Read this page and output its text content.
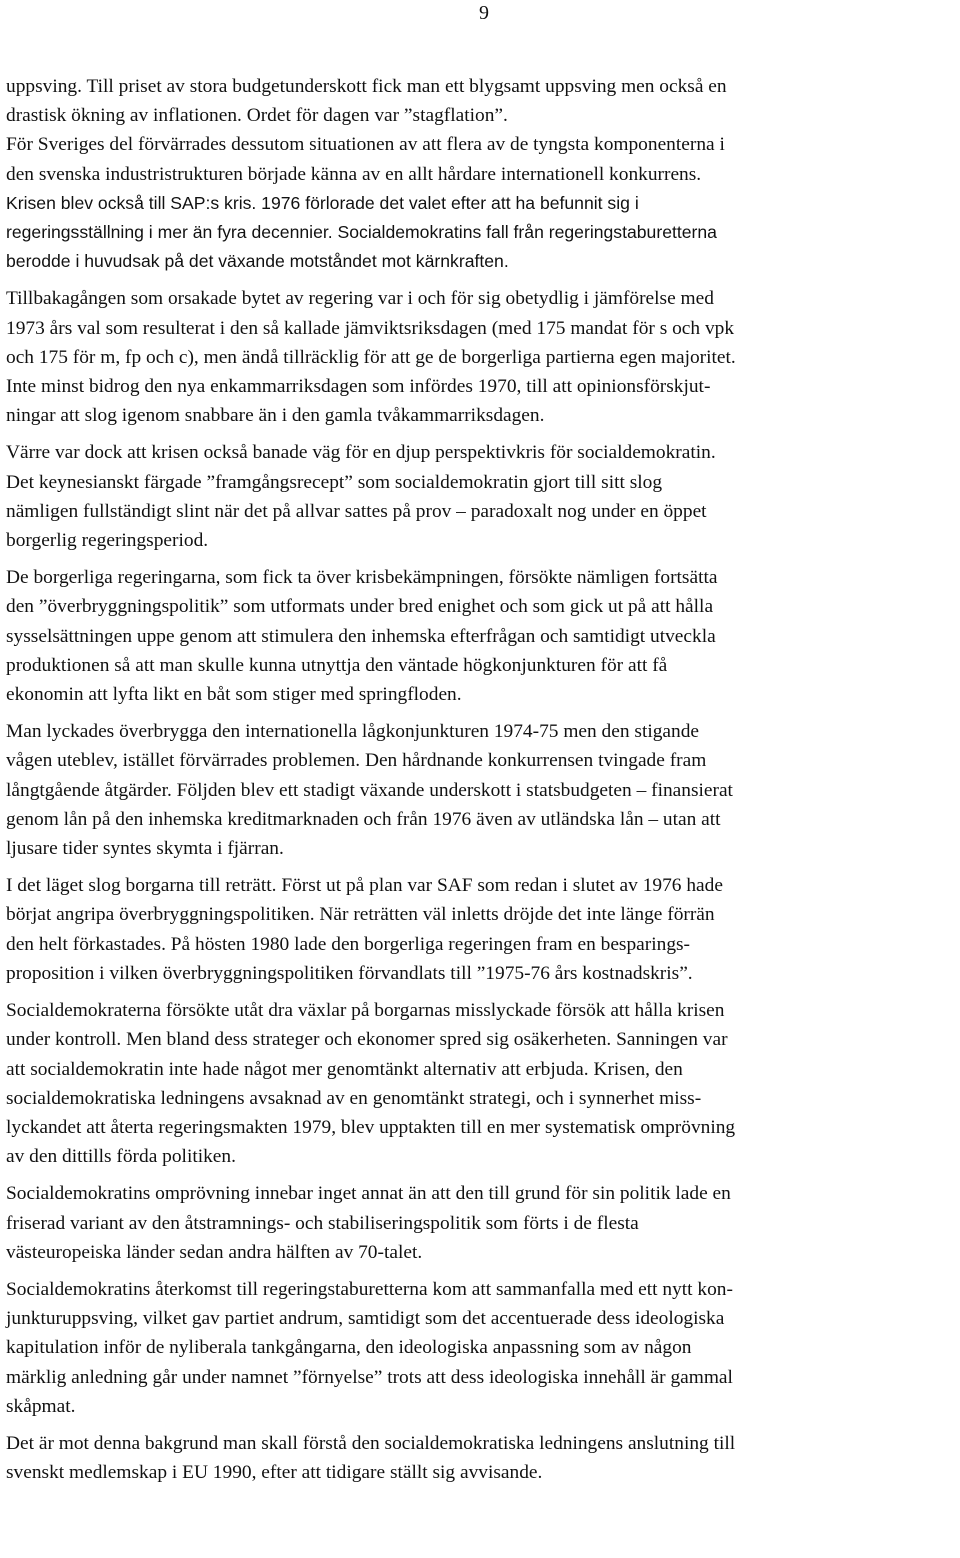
9

uppsving. Till priset av stora budgetunderskott fick man ett blygsamt uppsving men också en
drastisk ökning av inflationen. Ordet för dagen var ”stagflation”.
För Sveriges del förvärrades dessutom situationen av att flera av de tyngsta komponenterna i
den svenska industristrukturen började känna av en allt hårdare internationell konkurrens.
Krisen blev också till SAP:s kris. 1976 förlorade det valet efter att ha befunnit sig i
regeringsställning i mer än fyra decennier. Socialdemokratins fall från regeringstaburetterna
berodde i huvudsak på det växande motståndet mot kärnkraften.

Tillbakagången som orsakade bytet av regering var i och för sig obetydlig i jämförelse med
1973 års val som resulterat i den så kallade jämviktsriksdagen (med 175 mandat för s och vpk
och 175 för m, fp och c), men ändå tillräcklig för att ge de borgerliga partierna egen majoritet.
Inte minst bidrog den nya enkammarriksdagen som infördes 1970, till att opinionsförskjut-
ningar att slog igenom snabbare än i den gamla tvåkammarriksdagen.

Värre var dock att krisen också banade väg för en djup perspektivkris för socialdemokratin.
Det keynesianskt färgade ”framgångsrecept” som socialdemokratin gjort till sitt slog
nämligen fullständigt slint när det på allvar sattes på prov – paradoxalt nog under en öppet
borgerlig regeringsperiod.

De borgerliga regeringarna, som fick ta över krisbekämpningen, försökte nämligen fortsätta
den ”överbryggningspolitik” som utformats under bred enighet och som gick ut på att hålla
sysselsättningen uppe genom att stimulera den inhemska efterfrågan och samtidigt utveckla
produktionen så att man skulle kunna utnyttja den väntade högkonjunkturen för att få
ekonomin att lyfta likt en båt som stiger med springfloden.

Man lyckades överbrygga den internationella lågkonjunkturen 1974-75 men den stigande
vågen uteblev, istället förvärrades problemen. Den hårdnande konkurrensen tvingade fram
långtgående åtgärder. Följden blev ett stadigt växande underskott i statsbudgeten – finansierat
genom lån på den inhemska kreditmarknaden och från 1976 även av utländska lån – utan att
ljusare tider syntes skymta i fjärran.

I det läget slog borgarna till reträtt. Först ut på plan var SAF som redan i slutet av 1976 hade
börjat angripa överbryggningspolitiken. När reträtten väl inletts dröjde det inte länge förrän
den helt förkastades. På hösten 1980 lade den borgerliga regeringen fram en besparings-
proposition i vilken överbryggningspolitiken förvandlats till ”1975-76 års kostnadskris”.

Socialdemokraterna försökte utåt dra växlar på borgarnas misslyckade försök att hålla krisen
under kontroll. Men bland dess strateger och ekonomer spred sig osäkerheten. Sanningen var
att socialdemokratin inte hade något mer genomtänkt alternativ att erbjuda. Krisen, den
socialdemokratiska ledningens avsaknad av en genomtänkt strategi, och i synnerhet miss-
lyckandet att återta regeringsmakten 1979, blev upptakten till en mer systematisk omprövning
av den dittills förda politiken.

Socialdemokratins omprövning innebar inget annat än att den till grund för sin politik lade en
friserad variant av den åtstramnings- och stabiliseringspolitik som förts i de flesta
västeuropeiska länder sedan andra hälften av 70-talet.

Socialdemokratins återkomst till regeringstaburetterna kom att sammanfalla med ett nytt kon-
junkturuppsving, vilket gav partiet andrum, samtidigt som det accentuerade dess ideologiska
kapitulation inför de nyliberala tankgångarna, den ideologiska anpassning som av någon
märklig anledning går under namnet ”förnyelse” trots att dess ideologiska innehåll är gammal
skåpmat.

Det är mot denna bakgrund man skall förstå den socialdemokratiska ledningens anslutning till
svenskt medlemskap i EU 1990, efter att tidigare ställt sig avvisande.
